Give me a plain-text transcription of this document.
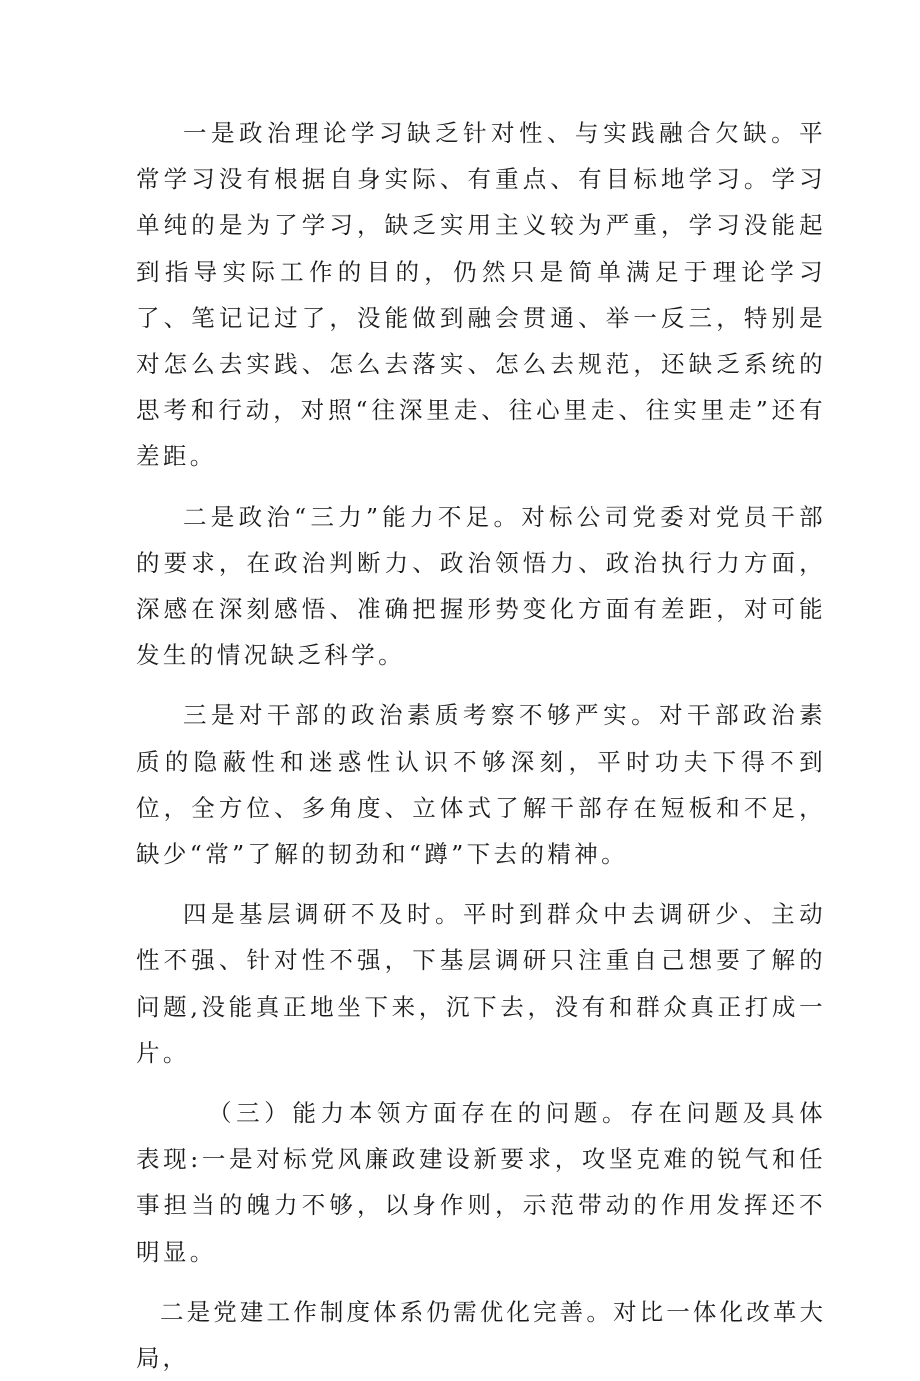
一是政治理论学习缺乏针对性、与实践融合欠缺。平常学习没有根据自身实际、有重点、有目标地学习。学习单纯的是为了学习，缺乏实用主义较为严重，学习没能起到指导实际工作的目的，仍然只是简单满足于理论学习了、笔记记过了，没能做到融会贯通、举一反三，特别是对怎么去实践、怎么去落实、怎么去规范，还缺乏系统的思考和行动，对照“往深里走、往心里走、往实里走”还有差距。

二是政治“三力”能力不足。对标公司党委对党员干部的要求，在政治判断力、政治领悟力、政治执行力方面，深感在深刻感悟、准确把握形势变化方面有差距，对可能发生的情况缺乏科学。

三是对干部的政治素质考察不够严实。对干部政治素质的隐蔽性和迷惑性认识不够深刻，平时功夫下得不到位，全方位、多角度、立体式了解干部存在短板和不足，缺少“常”了解的韧劲和“蹲”下去的精神。

四是基层调研不及时。平时到群众中去调研少、主动性不强、针对性不强，下基层调研只注重自己想要了解的问题,没能真正地坐下来，沉下去，没有和群众真正打成一片。

（三）能力本领方面存在的问题。存在问题及具体表现:一是对标党风廉政建设新要求，攻坚克难的锐气和任事担当的魄力不够，以身作则，示范带动的作用发挥还不明显。

二是党建工作制度体系仍需优化完善。对比一体化改革大局，
